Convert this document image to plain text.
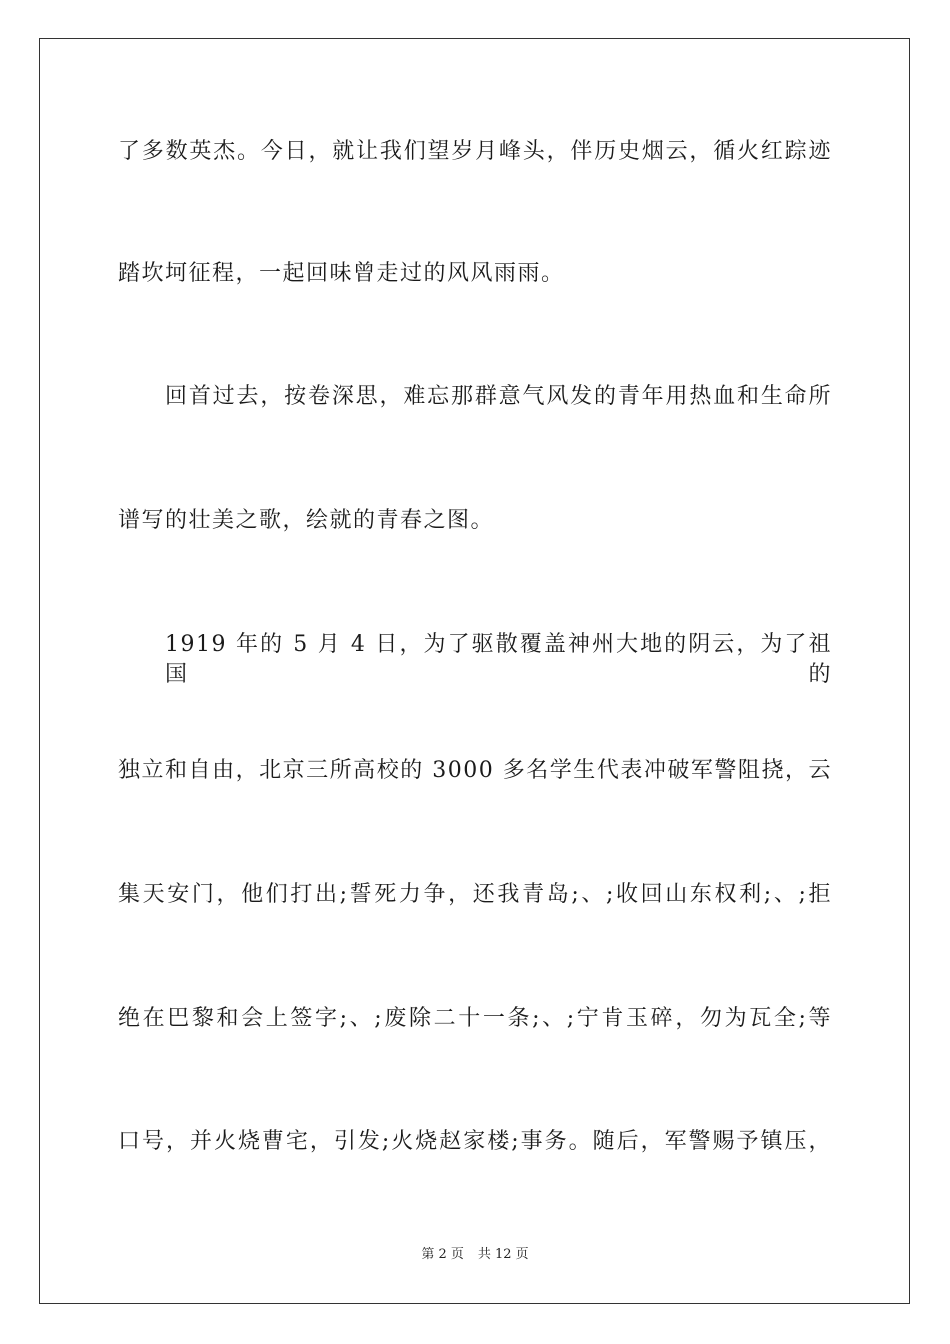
了多数英杰。今日，就让我们望岁月峰头，伴历史烟云，循火红踪迹
踏坎坷征程，一起回味曾走过的风风雨雨。
回首过去，按卷深思，难忘那群意气风发的青年用热血和生命所
谱写的壮美之歌，绘就的青春之图。
1919 年的 5 月 4 日，为了驱散覆盖神州大地的阴云，为了祖国的
独立和自由，北京三所高校的 3000 多名学生代表冲破军警阻挠，云
集天安门，他们打出;誓死力争，还我青岛;、;收回山东权利;、;拒
绝在巴黎和会上签字;、;废除二十一条;、;宁肯玉碎，勿为瓦全;等
口号，并火烧曹宅，引发;火烧赵家楼;事务。随后，军警赐予镇压，
第 2 页 共 12 页
